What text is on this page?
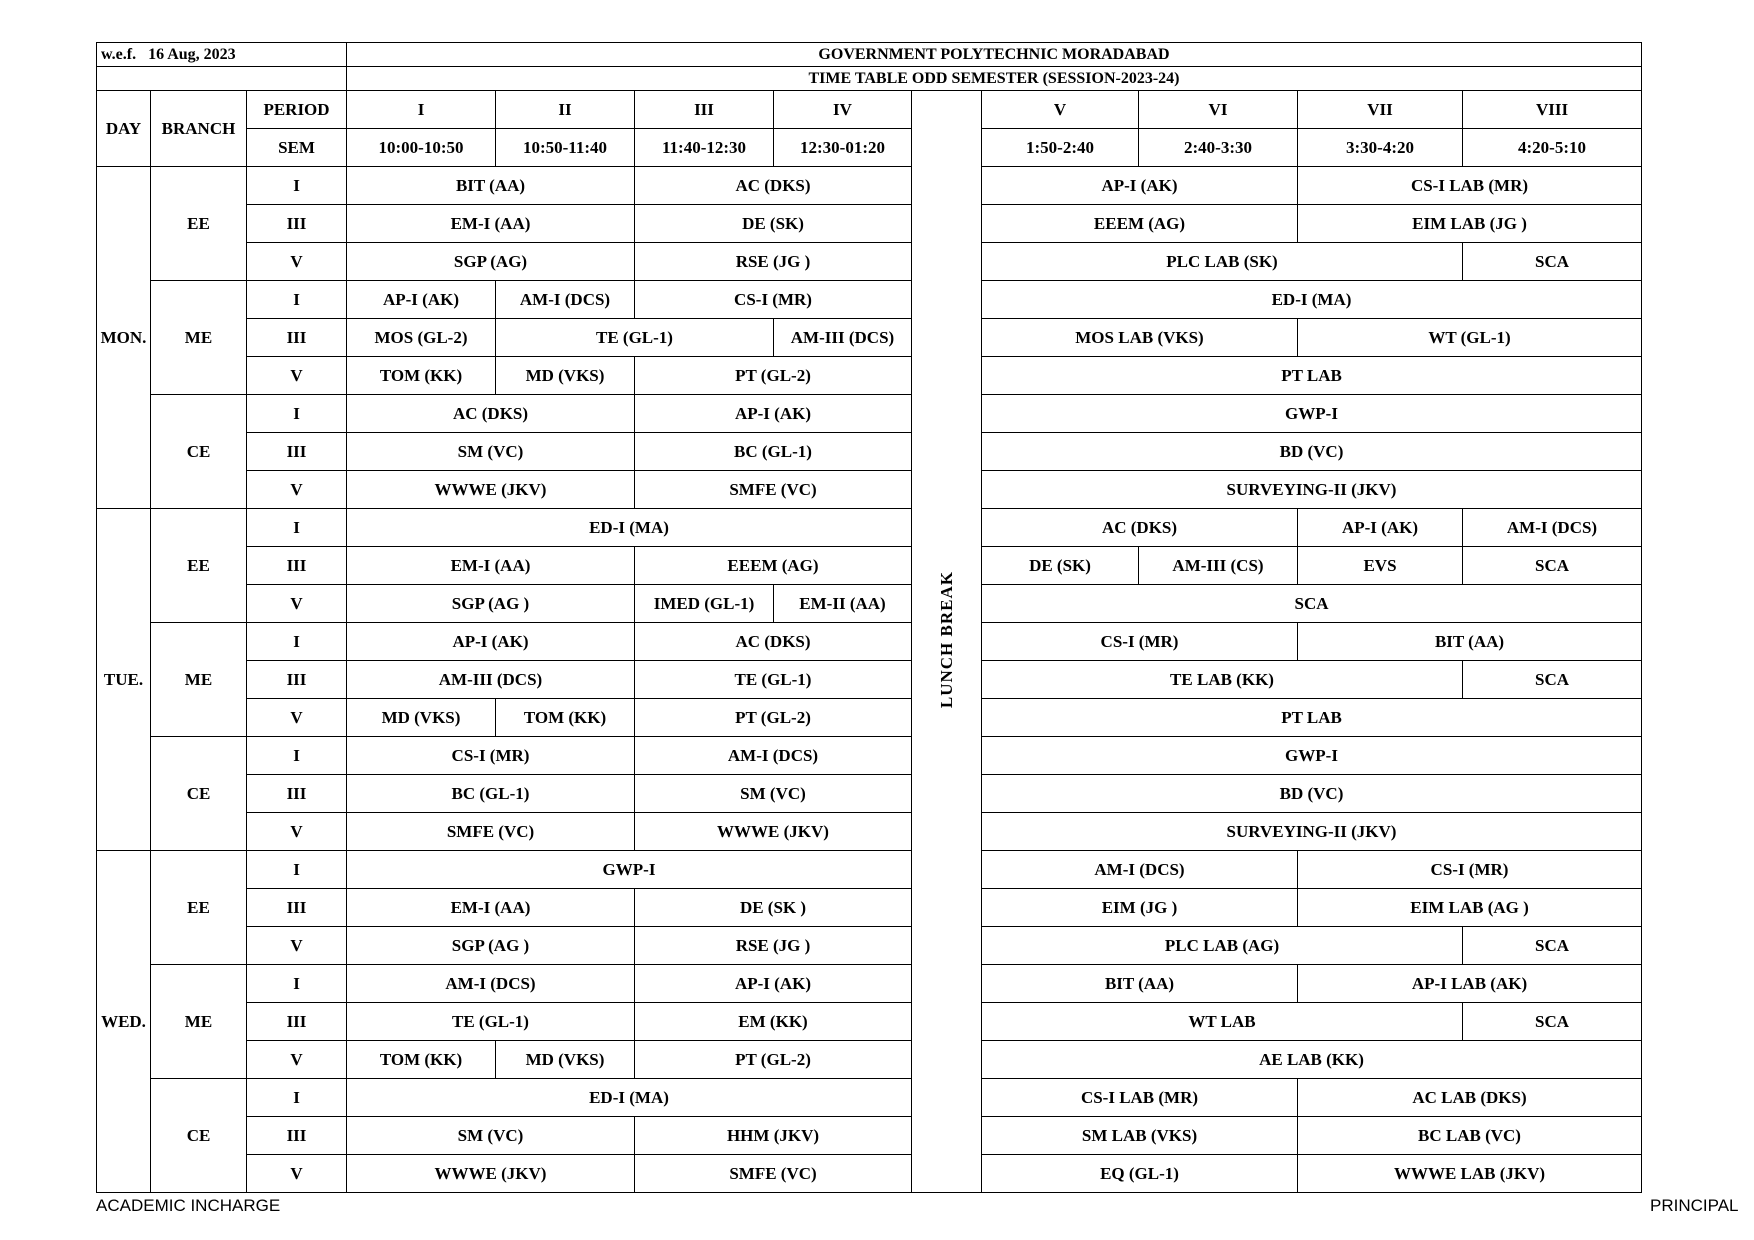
w.e.f. 16 Aug, 2023			GOVERNMENT POLYTECHNIC MORADABAD								
			TIME TABLE ODD SEMESTER (SESSION-2023-24)								
DAY	BRANCH	PERIOD	I	II	III	IV	LUNCH BREAK	V	VI	VII	VIII
		SEM	10:00-10:50	10:50-11:40	11:40-12:30	12:30-01:20		1:50-2:40	2:40-3:30	3:30-4:20	4:20-5:10
MON.	EE	I	BIT (AA)		AC (DKS)			AP-I (AK)		CS-I LAB (MR)	
		III	EM-I (AA)		DE (SK)			EEEM (AG)		EIM LAB (JG )	
		V	SGP (AG)		RSE (JG )			PLC LAB (SK)			SCA
	ME	I	AP-I (AK)	AM-I (DCS)	CS-I (MR)			ED-I (MA)			
		III	MOS (GL-2)	TE (GL-1)		AM-III (DCS)		MOS LAB (VKS)		WT (GL-1)	
		V	TOM (KK)	MD (VKS)	PT (GL-2)			PT LAB			
	CE	I	AC (DKS)		AP-I (AK)			GWP-I			
		III	SM (VC)		BC (GL-1)			BD (VC)			
		V	WWWE (JKV)		SMFE (VC)			SURVEYING-II (JKV)			
TUE.	EE	I	ED-I (MA)					AC (DKS)		AP-I (AK)	AM-I (DCS)
		III	EM-I (AA)		EEEM (AG)			DE (SK)	AM-III (CS)	EVS	SCA
		V	SGP (AG )		IMED (GL-1)	EM-II (AA)		SCA			
	ME	I	AP-I (AK)		AC (DKS)			CS-I (MR)		BIT (AA)	
		III	AM-III (DCS)		TE (GL-1)			TE LAB (KK)			SCA
		V	MD (VKS)	TOM (KK)	PT (GL-2)			PT LAB			
	CE	I	CS-I (MR)		AM-I (DCS)			GWP-I			
		III	BC (GL-1)		SM (VC)			BD (VC)			
		V	SMFE (VC)		WWWE (JKV)			SURVEYING-II (JKV)			
WED.	EE	I	GWP-I					AM-I (DCS)		CS-I (MR)	
		III	EM-I (AA)		DE (SK )			EIM (JG )		EIM LAB (AG )	
		V	SGP (AG )		RSE (JG )			PLC LAB (AG)			SCA
	ME	I	AM-I (DCS)		AP-I (AK)			BIT (AA)		AP-I LAB (AK)	
		III	TE (GL-1)		EM (KK)			WT LAB			SCA
		V	TOM (KK)	MD (VKS)	PT (GL-2)			AE LAB (KK)			
	CE	I	ED-I (MA)					CS-I LAB (MR)		AC LAB (DKS)	
		III	SM (VC)		HHM (JKV)			SM LAB (VKS)		BC LAB (VC)	
		V	WWWE (JKV)		SMFE (VC)			EQ (GL-1)		WWWE LAB (JKV)	
ACADEMIC INCHARGE	PRINCIPAL
